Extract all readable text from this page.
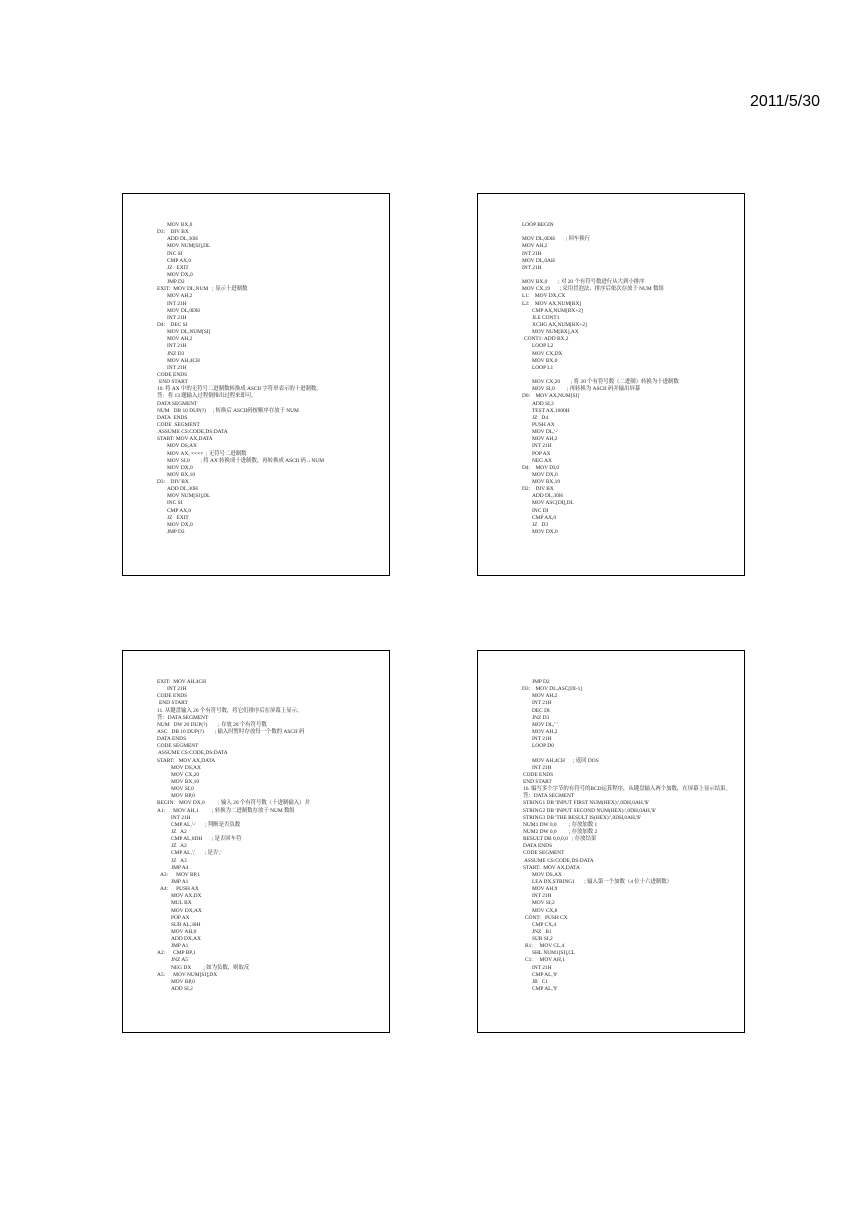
2011/5/30
MOV BX,0
D3:    DIV BX
ADD DL,30H
MOV NUM[SI],DL
INC SI
CMP AX,0
JZ   EXIT
MOV DX,0
JMP D2
EXIT:  MOV DL,NUM   ; 显示十进制数
MOV AH,2
INT 21H
MOV DL,0DH
INT 21H
D4:    DEC SI
MOV DL,NUM[SI]
MOV AH,2
INT 21H
JNZ D3
MOV AH,4CH
INT 21H
CODE ENDS
END START
10. 将 AX 中的无符号二进制数转换成 ASCII 字符串表示的十进制数。
答：将 13 题输入过程倒推出过程来即可。
DATA SEGMENT
NUM   DB 10 DUP(?)     ; 转换后 ASCII码按顺序存放于 NUM
DATA  ENDS
CODE  SEGMENT
ASSUME CS:CODE,DS:DATA
START: MOV AX,DATA
MOV DS,AX
MOV AX, ××××  ; 无符号二进制数
MOV SI,0        ; 将 AX 转换成十进制数，再转换成 ASCII 码→NUM
MOV DX,0
MOV BX,10
D3:    DIV BX
ADD DL,30H
MOV NUM[SI],DL
INC SI
CMP AX,0
JZ   EXIT
MOV DX,0
JMP D2
LOOP BEGIN
MOV DL,0DH        ; 回车换行
MOV AH,2
INT 21H
MOV DL,0AH
INT 21H
MOV BX,0        ; 对 20 个有符号数进行从大到小排序
MOV CX,19       ; 采用冒泡法，排序后依次存放于 NUM 数组
L1:    MOV DX,CX
L2:    MOV AX,NUM[BX]
CMP AX,NUM[BX+2]
JLE CONT1
XCHG AX,NUM[BX+2]
MOV NUM[BX],AX
CONT1: ADD BX,2
LOOP L2
MOV CX,DX
MOV BX,0
LOOP L1
MOV CX,20        ; 将 20 个有符号数（二进制）转换为十进制数
MOV SI,0         ; 再转换为 ASCII 码并输出屏幕
D0:    MOV AX,NUM[SI]
ADD SI,2
TEST AX,1000H
JZ   D4
PUSH AX
MOV DL,'-'
MOV AH,2
INT 21H
POP AX
NEG AX
D4:    MOV DI,0
MOV DX,0
MOV BX,10
D2:    DIV BX
ADD DL,30H
MOV ASC[DI],DL
INC DI
CMP AX,0
JZ   D3
MOV DX,0
EXIT:  MOV AH,4CH
INT 21H
CODE ENDS
END START
11. 从键盘输入 20 个有符号数，将它们排序后在屏幕上显示。
答：DATA SEGMENT
NUM   DW 20 DUP(?)        ; 存放 20 个有符号数
ASC   DB 10 DUP(?)        ; 输入时暂时存放每一个数的 ASCII 码
DATA ENDS
CODE SEGMENT
ASSUME CS:CODE,DS:DATA
START:   MOV AX,DATA
MOV DS,AX
MOV CX,20
MOV BX,10
MOV SI,0
MOV BP,0
BEGIN:   MOV DX,0          ; 输入 20 个有符号数（十进制输入）并
A1:      MOV AH,1          ; 转换为二进制数存放于 NUM 数组
INT 21H
CMP AL,'-'       ; 判断是否负数
JZ   A2
CMP AL,0DH       ; 是否回车符
JZ   A2
CMP AL,','       ; 是否','
JZ   A3
JMP A4
A3:      MOV BP,1
JMP A1
A4:      PUSH AX
MOV AX,DX
MUL BX
MOV DX,AX
POP AX
SUB AL,30H
MOV AH,0
ADD DX,AX
JMP A1
A2:      CMP BP,1
JNZ A5
NEG DX         ; 如为负数，则取反
A5:      MOV NUM[SI],DX
MOV BP,0
ADD SI,2
JMP D2
D3:    MOV DL,ASC[DI-1]
MOV AH,2
INT 21H
DEC DI
JNZ D3
MOV DL,' '
MOV AH,2
INT 21H
LOOP D0
MOV AH,4CH      ; 返回 DOS
INT 21H
CODE ENDS
END START
16. 编写多个字节的有符号的BCD运算程序，从键盘输入两个加数，在屏幕上显示结果。
答：DATA SEGMENT
STRING1 DB 'INPUT FIRST NUM(HEX):',0DH,0AH,'$'
STRING2 DB 'INPUT SECOND NUM(HEX):',0DH,0AH,'$'
STRING3 DB 'THE RESULT IS(HEX):',0DH,0AH,'$'
NUM1 DW 0,0         ; 存放加数 1
NUM2 DW 0,0         ; 存放加数 2
RESULT DB 0,0,0,0   ; 存放结果
DATA ENDS
CODE SEGMENT
ASSUME CS:CODE,DS:DATA
START:  MOV AX,DATA
MOV DS,AX
LEA DX,STRING1       ; 输入第一个加数（4 位十六进制数）
MOV AH,9
INT 21H
MOV SI,2
MOV CX,8
CONT:   PUSH CX
CMP CX,4
JNZ   B1
SUB SI,2
B1:     MOV CL,4
SHL NUM1[SI],CL
C1:     MOV AH,1
INT 21H
CMP AL,'0'
JB   C1
CMP AL,'9'
